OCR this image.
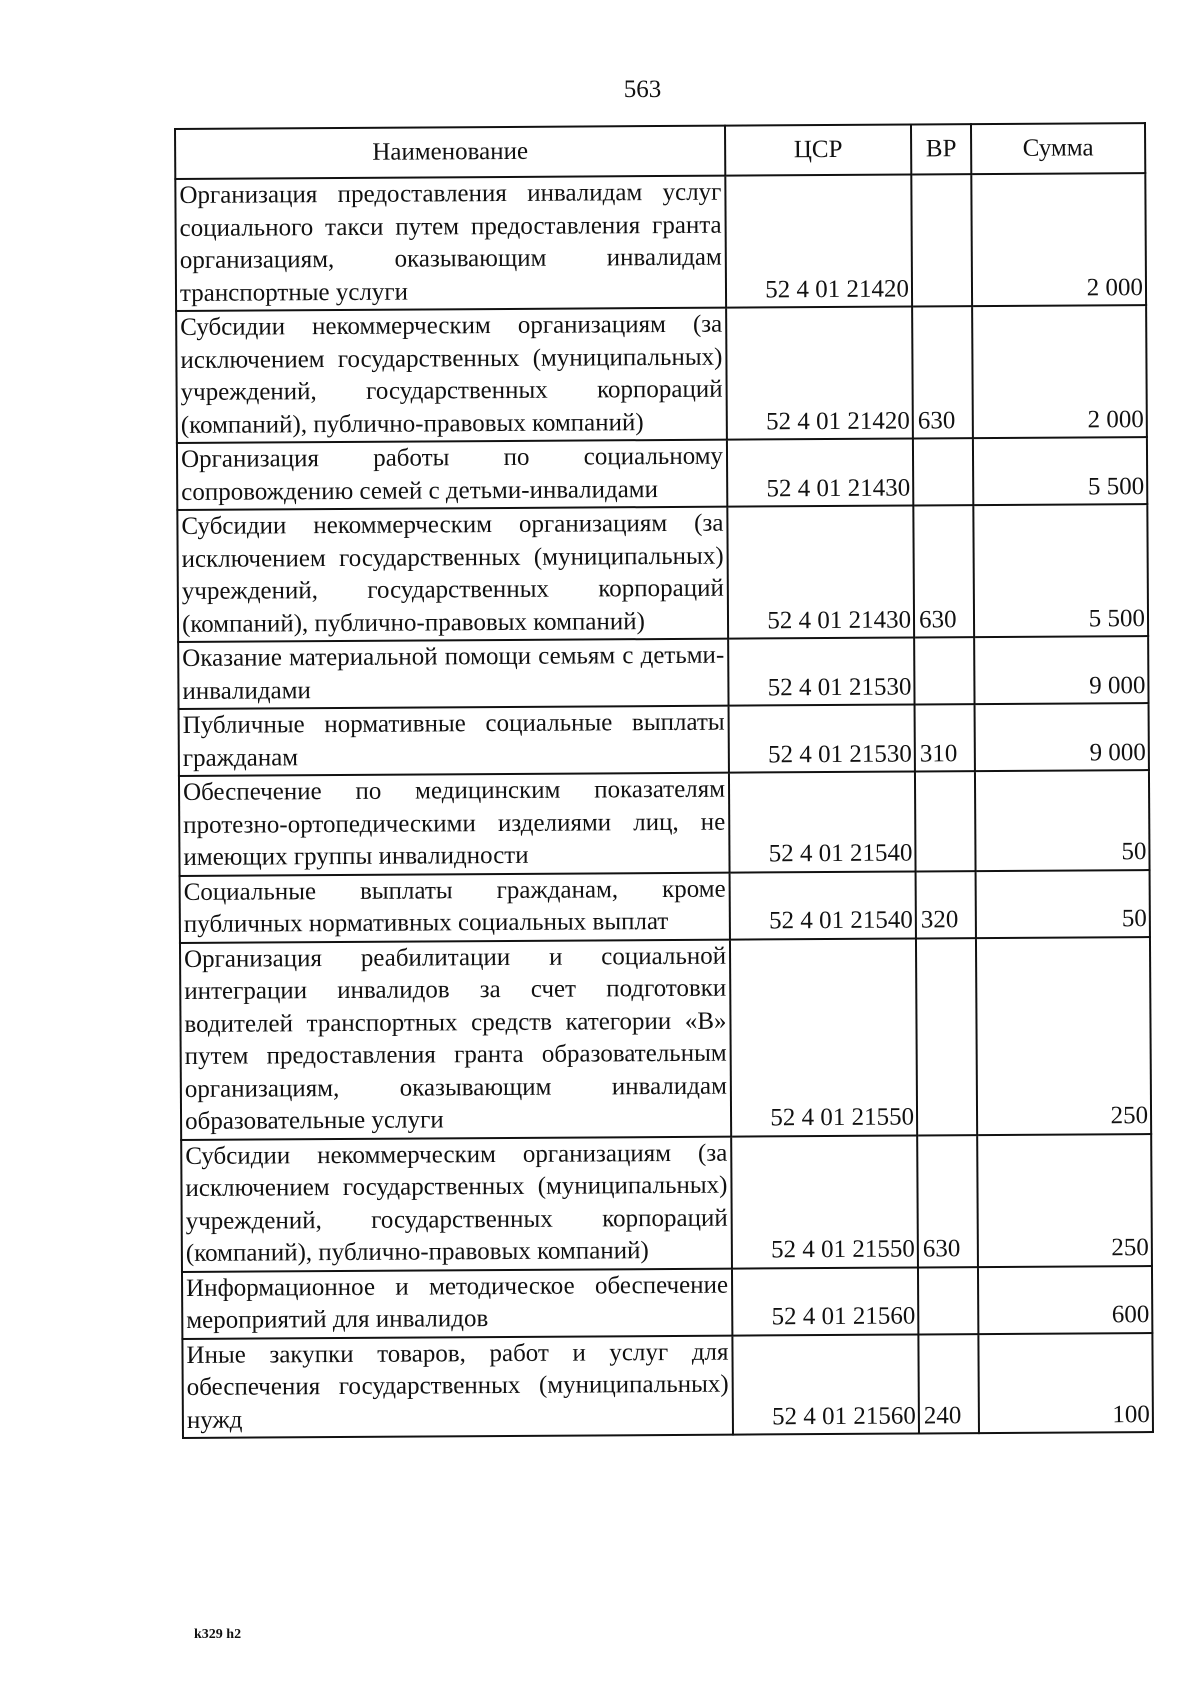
563
Наименование	ЦСР	ВР	Сумма
Организация предоставления инвалидам услуг социального такси путем предоставления гранта организациям, оказывающим инвалидам транспортные услуги	52 4 01 21420		2 000
Субсидии некоммерческим организациям (за исключением государственных (муниципальных) учреждений, государственных корпораций (компаний), публично-правовых компаний)	52 4 01 21420	630	2 000
Организация работы по социальному сопровождению семей с детьми-инвалидами	52 4 01 21430		5 500
Субсидии некоммерческим организациям (за исключением государственных (муниципальных) учреждений, государственных корпораций (компаний), публично-правовых компаний)	52 4 01 21430	630	5 500
Оказание материальной помощи семьям с детьми-инвалидами	52 4 01 21530		9 000
Публичные нормативные социальные выплаты гражданам	52 4 01 21530	310	9 000
Обеспечение по медицинским показателям протезно-ортопедическими изделиями лиц, не имеющих группы инвалидности	52 4 01 21540		50
Социальные выплаты гражданам, кроме публичных нормативных социальных выплат	52 4 01 21540	320	50
Организация реабилитации и социальной интеграции инвалидов за счет подготовки водителей транспортных средств категории «В» путем предоставления гранта образовательным организациям, оказывающим инвалидам образовательные услуги	52 4 01 21550		250
Субсидии некоммерческим организациям (за исключением государственных (муниципальных) учреждений, государственных корпораций (компаний), публично-правовых компаний)	52 4 01 21550	630	250
Информационное и методическое обеспечение мероприятий для инвалидов	52 4 01 21560		600
Иные закупки товаров, работ и услуг для обеспечения государственных (муниципальных) нужд	52 4 01 21560	240	100
k329 h2
